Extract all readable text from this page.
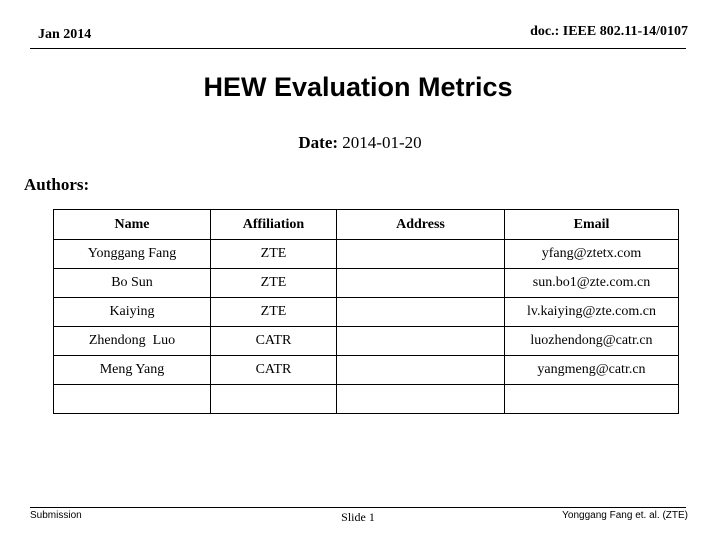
Jan 2014	doc.: IEEE 802.11-14/0107
HEW Evaluation Metrics
Date: 2014-01-20
Authors:
Name	Affiliation	Address	Email
Yonggang Fang	ZTE		yfang@ztetx.com
Bo Sun	ZTE		sun.bo1@zte.com.cn
Kaiying	ZTE		lv.kaiying@zte.com.cn
Zhendong  Luo	CATR		luozhendong@catr.cn
Meng Yang	CATR		yangmeng@catr.cn

Submission	Slide 1	Yonggang Fang et. al. (ZTE)
